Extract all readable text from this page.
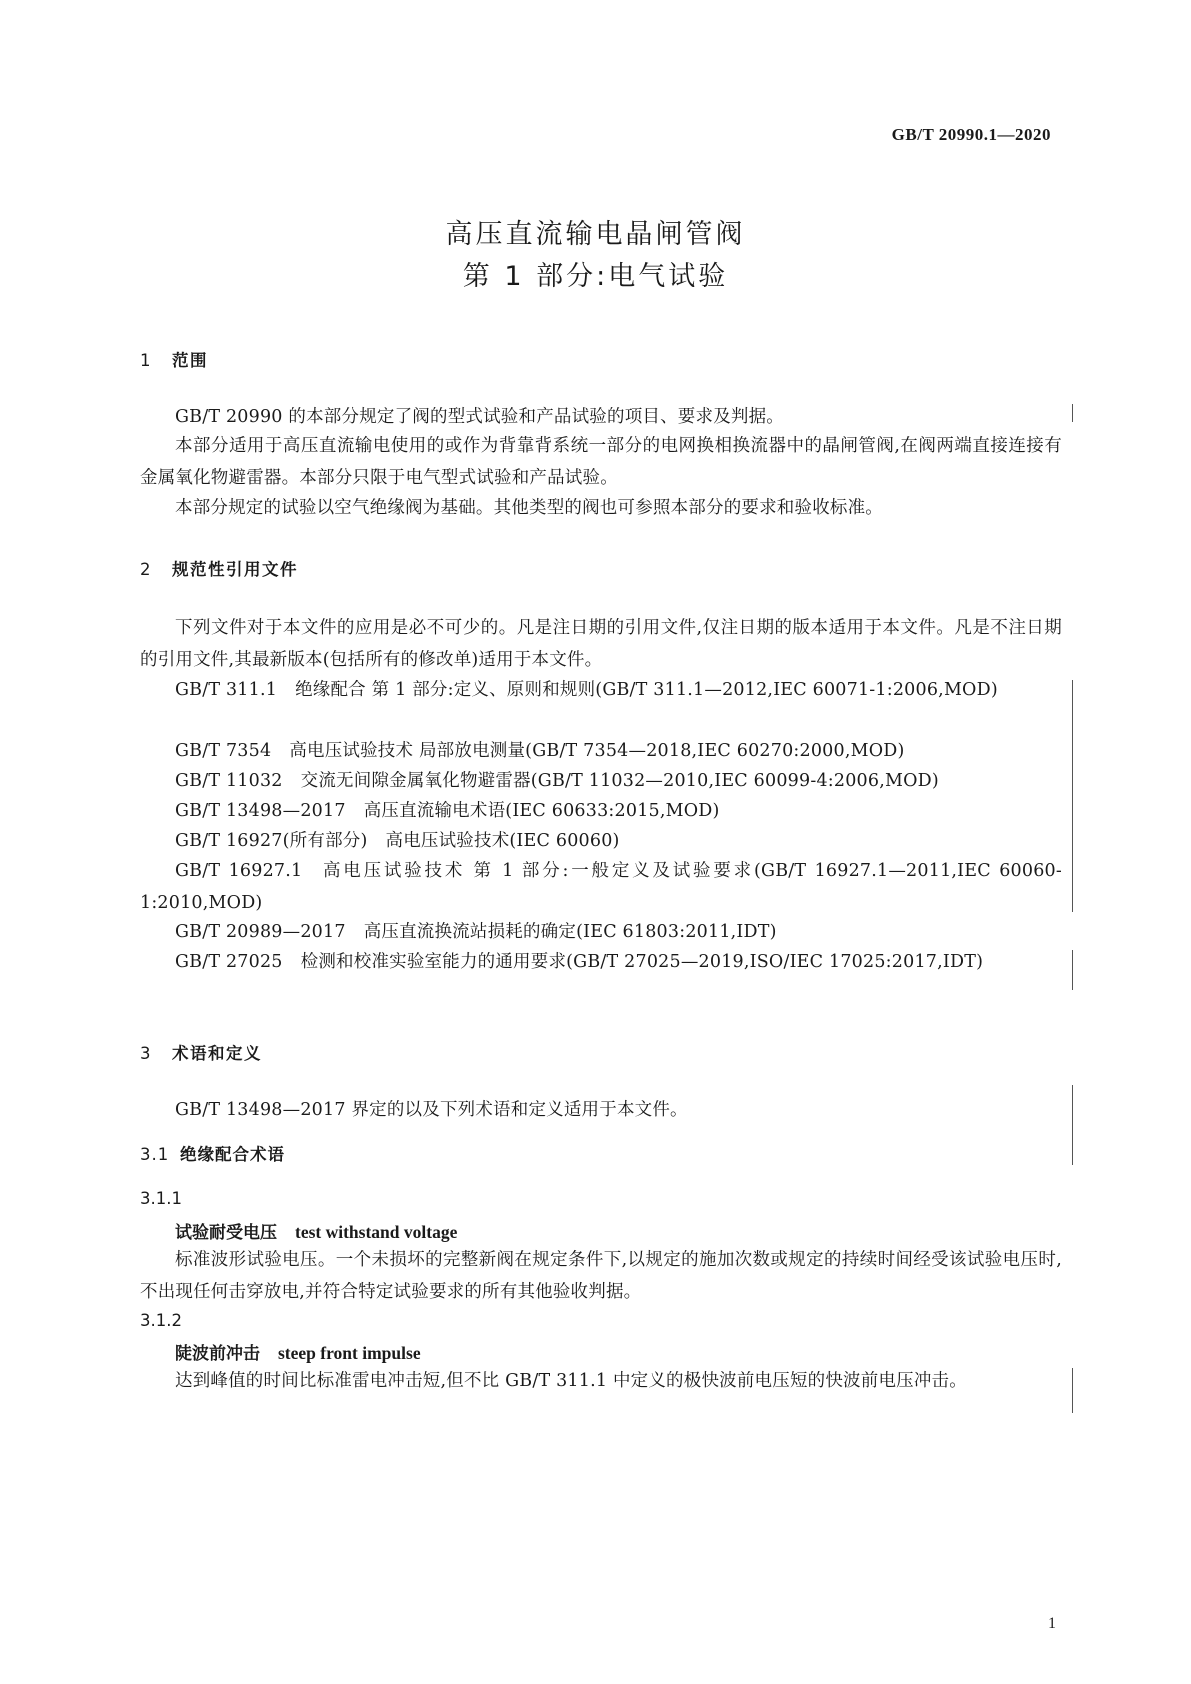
GB/T 20990.1—2020
高压直流输电晶闸管阀
第 1 部分:电气试验
1 范围
GB/T 20990 的本部分规定了阀的型式试验和产品试验的项目、要求及判据。
本部分适用于高压直流输电使用的或作为背靠背系统一部分的电网换相换流器中的晶闸管阀,在阀两端直接连接有金属氧化物避雷器。本部分只限于电气型式试验和产品试验。
本部分规定的试验以空气绝缘阀为基础。其他类型的阀也可参照本部分的要求和验收标准。
2 规范性引用文件
下列文件对于本文件的应用是必不可少的。凡是注日期的引用文件,仅注日期的版本适用于本文件。凡是不注日期的引用文件,其最新版本(包括所有的修改单)适用于本文件。
GB/T 311.1 绝缘配合 第 1 部分:定义、原则和规则(GB/T 311.1—2012,IEC 60071-1:2006,MOD)
GB/T 7354 高电压试验技术 局部放电测量(GB/T 7354—2018,IEC 60270:2000,MOD)
GB/T 11032 交流无间隙金属氧化物避雷器(GB/T 11032—2010,IEC 60099-4:2006,MOD)
GB/T 13498—2017 高压直流输电术语(IEC 60633:2015,MOD)
GB/T 16927(所有部分) 高电压试验技术(IEC 60060)
GB/T 16927.1 高电压试验技术 第 1 部分:一般定义及试验要求(GB/T 16927.1—2011,IEC 60060-1:2010,MOD)
GB/T 20989—2017 高压直流换流站损耗的确定(IEC 61803:2011,IDT)
GB/T 27025 检测和校准实验室能力的通用要求(GB/T 27025—2019,ISO/IEC 17025:2017,IDT)
3 术语和定义
GB/T 13498—2017 界定的以及下列术语和定义适用于本文件。
3.1 绝缘配合术语
3.1.1
试验耐受电压 test withstand voltage
标准波形试验电压。一个未损坏的完整新阀在规定条件下,以规定的施加次数或规定的持续时间经受该试验电压时,不出现任何击穿放电,并符合特定试验要求的所有其他验收判据。
3.1.2
陡波前冲击 steep front impulse
达到峰值的时间比标准雷电冲击短,但不比 GB/T 311.1 中定义的极快波前电压短的快波前电压冲击。
1
